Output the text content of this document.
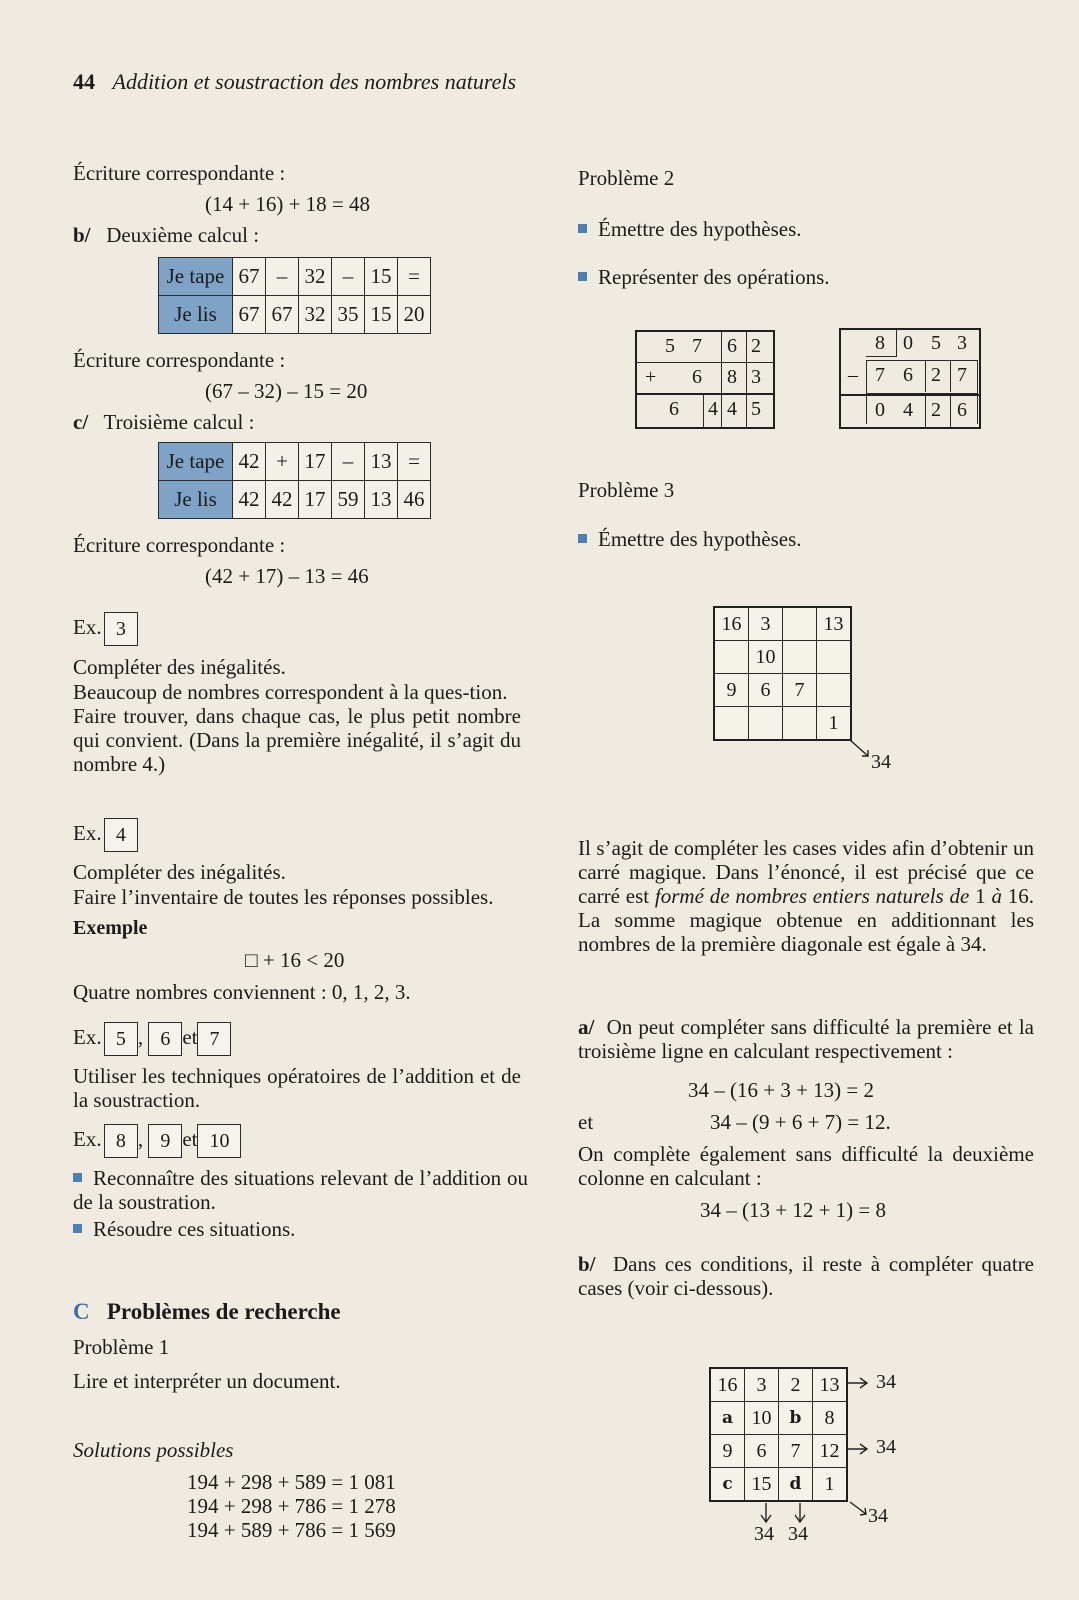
44 Addition et soustraction des nombres naturels
Écriture correspondante :
(14 + 16) + 18 = 48
b/ Deuxième calcul :
Je tape	67	–	32	–	15	=
Je lis	67	67	32	35	15	20
Écriture correspondante :
(67 – 32) – 15 = 20
c/ Troisième calcul :
Je tape	42	+	17	–	13	=
Je lis	42	42	17	59	13	46
Écriture correspondante :
(42 + 17) – 13 = 46
Ex. 3
Compléter des inégalités.
Beaucoup de nombres correspondent à la ques-tion.
Faire trouver, dans chaque cas, le plus petit nombre qui convient. (Dans la première inégalité, il s’agit du nombre 4.)
Ex. 4
Compléter des inégalités.
Faire l’inventaire de toutes les réponses possibles.
Exemple
□ + 16 < 20
Quatre nombres conviennent : 0, 1, 2, 3.
Ex. 5 , 6 et 7
Utiliser les techniques opératoires de l’addition et de la soustraction.
Ex. 8 , 9 et 10
Reconnaître des situations relevant de l’addition ou de la soustration.
Résoudre ces situations.
C Problèmes de recherche
Problème 1
Lire et interpréter un document.
Solutions possibles
194 + 298 + 589 = 1 081
194 + 298 + 786 = 1 278
194 + 589 + 786 = 1 569
Problème 2
Émettre des hypothèses.
Représenter des opérations.
5 7 6 2
+ 6 8 3
6 4 4 5
8 0 5 3
– 7 6 2 7
0 4 2 6
Problème 3
Émettre des hypothèses.
16	3		13
	10		
9	6	7	
			1
34
Il s’agit de compléter les cases vides afin d’obtenir un carré magique. Dans l’énoncé, il est précisé que ce carré est formé de nombres entiers naturels de 1 à 16. La somme magique obtenue en additionnant les nombres de la première diagonale est égale à 34.
a/ On peut compléter sans difficulté la première et la troisième ligne en calculant respectivement :
34 – (16 + 3 + 13) = 2
et	34 – (9 + 6 + 7) = 12.
On complète également sans difficulté la deuxième colonne en calculant :
34 – (13 + 12 + 1) = 8
b/ Dans ces conditions, il reste à compléter quatre cases (voir ci-dessous).
16	3	2	13
a	10	b	8
9	6	7	12
c	15	d	1
34
34
34 34
34
